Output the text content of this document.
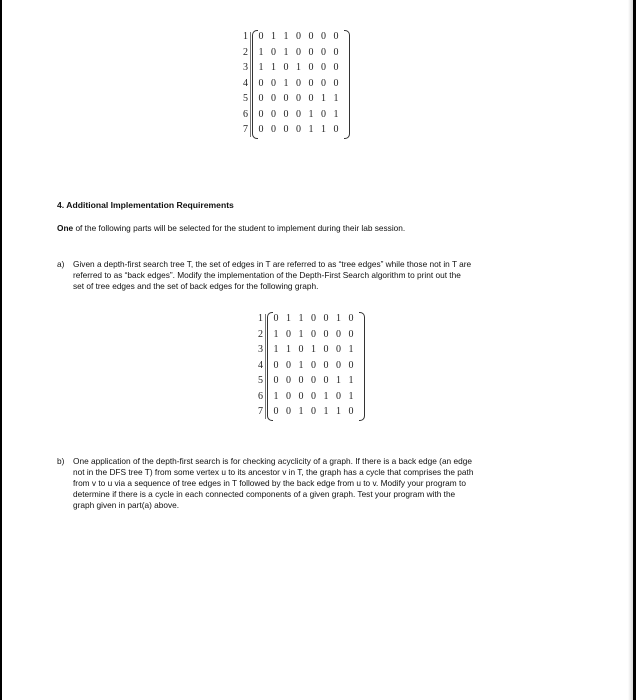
1 0 1 1 0 0 0 0
2 1 0 1 0 0 0 0
3 1 1 0 1 0 0 0
4 0 0 1 0 0 0 0
5 0 0 0 0 0 1 1
6 0 0 0 0 1 0 1
7 0 0 0 0 1 1 0
4. Additional Implementation Requirements
One of the following parts will be selected for the student to implement during their lab session.
a) Given a depth-first search tree T, the set of edges in T are referred to as “tree edges” while those not in T are
referred to as “back edges”. Modify the implementation of the Depth-First Search algorithm to print out the
set of tree edges and the set of back edges for the following graph.
1 0 1 1 0 0 1 0
2 1 0 1 0 0 0 0
3 1 1 0 1 0 0 1
4 0 0 1 0 0 0 0
5 0 0 0 0 0 1 1
6 1 0 0 0 1 0 1
7 0 0 1 0 1 1 0
b) One application of the depth-first search is for checking acyclicity of a graph. If there is a back edge (an edge
not in the DFS tree T) from some vertex u to its ancestor v in T, the graph has a cycle that comprises the path
from v to u via a sequence of tree edges in T followed by the back edge from u to v. Modify your program to
determine if there is a cycle in each connected components of a given graph. Test your program with the
graph given in part(a) above.
